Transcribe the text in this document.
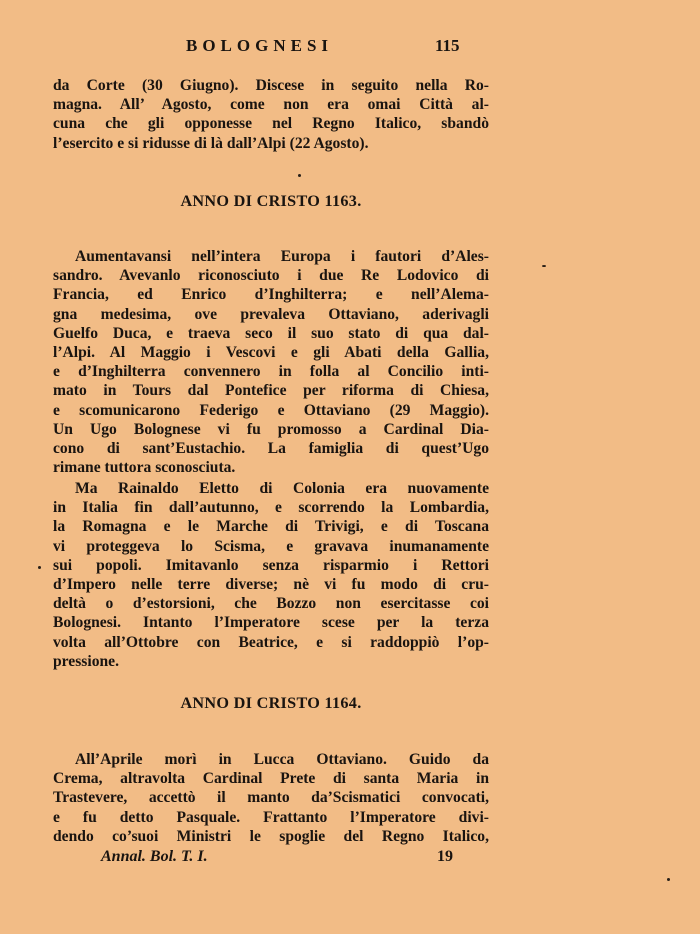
BOLOGNESI	115
da Corte (30 Giugno). Discese in seguito nella Ro-
magna. All’ Agosto, come non era omai Città al-
cuna che gli opponesse nel Regno Italico, sbandò
l’esercito e si ridusse di là dall’Alpi (22 Agosto).
ANNO DI CRISTO 1163.
Aumentavansi nell’intera Europa i fautori d’Ales-
sandro. Avevanlo riconosciuto i due Re Lodovico di
Francia, ed Enrico d’Inghilterra; e nell’Alema-
gna medesima, ove prevaleva Ottaviano, aderivagli
Guelfo Duca, e traeva seco il suo stato di qua dal-
l’Alpi. Al Maggio i Vescovi e gli Abati della Gallia,
e d’Inghilterra convennero in folla al Concilio inti-
mato in Tours dal Pontefice per riforma di Chiesa,
e scomunicarono Federigo e Ottaviano (29 Maggio).
Un Ugo Bolognese vi fu promosso a Cardinal Dia-
cono di sant’Eustachio. La famiglia di quest’Ugo
rimane tuttora sconosciuta.
Ma Rainaldo Eletto di Colonia era nuovamente
in Italia fin dall’autunno, e scorrendo la Lombardia,
la Romagna e le Marche di Trivigi, e di Toscana
vi proteggeva lo Scisma, e gravava inumanamente
sui popoli. Imitavanlo senza risparmio i Rettori
d’Impero nelle terre diverse; nè vi fu modo di cru-
deltà o d’estorsioni, che Bozzo non esercitasse coi
Bolognesi. Intanto l’Imperatore scese per la terza
volta all’Ottobre con Beatrice, e si raddoppiò l’op-
pressione.
ANNO DI CRISTO 1164.
All’Aprile morì in Lucca Ottaviano. Guido da
Crema, altravolta Cardinal Prete di santa Maria in
Trastevere, accettò il manto da’Scismatici convocati,
e fu detto Pasquale. Frattanto l’Imperatore divi-
dendo co’suoi Ministri le spoglie del Regno Italico,
Annal. Bol. T. I.	19
